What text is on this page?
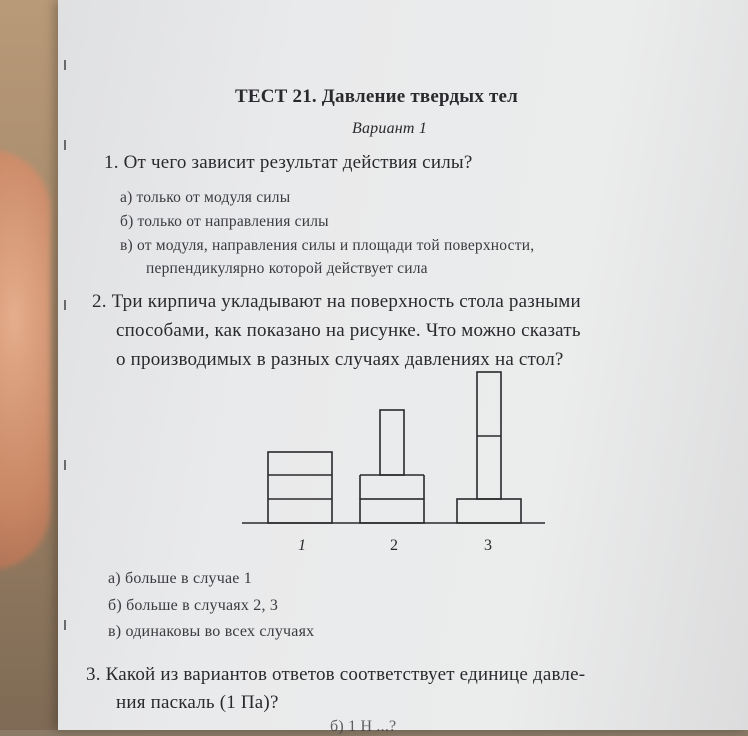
ТЕСТ 21. Давление твердых тел
Вариант 1
1. От чего зависит результат действия силы?
а) только от модуля силы
б) только от направления силы
в) от модуля, направления силы и площади той поверхности,
перпендикулярно которой действует сила
2. Три кирпича укладывают на поверхность стола разными
способами, как показано на рисунке. Что можно сказать
о производимых в разных случаях давлениях на стол?
1	2	3
а) больше в случае 1
б) больше в случаях 2, 3
в) одинаковы во всех случаях
3. Какой из вариантов ответов соответствует единице давле-
ния паскаль (1 Па)?
б) 1 Н ...?
